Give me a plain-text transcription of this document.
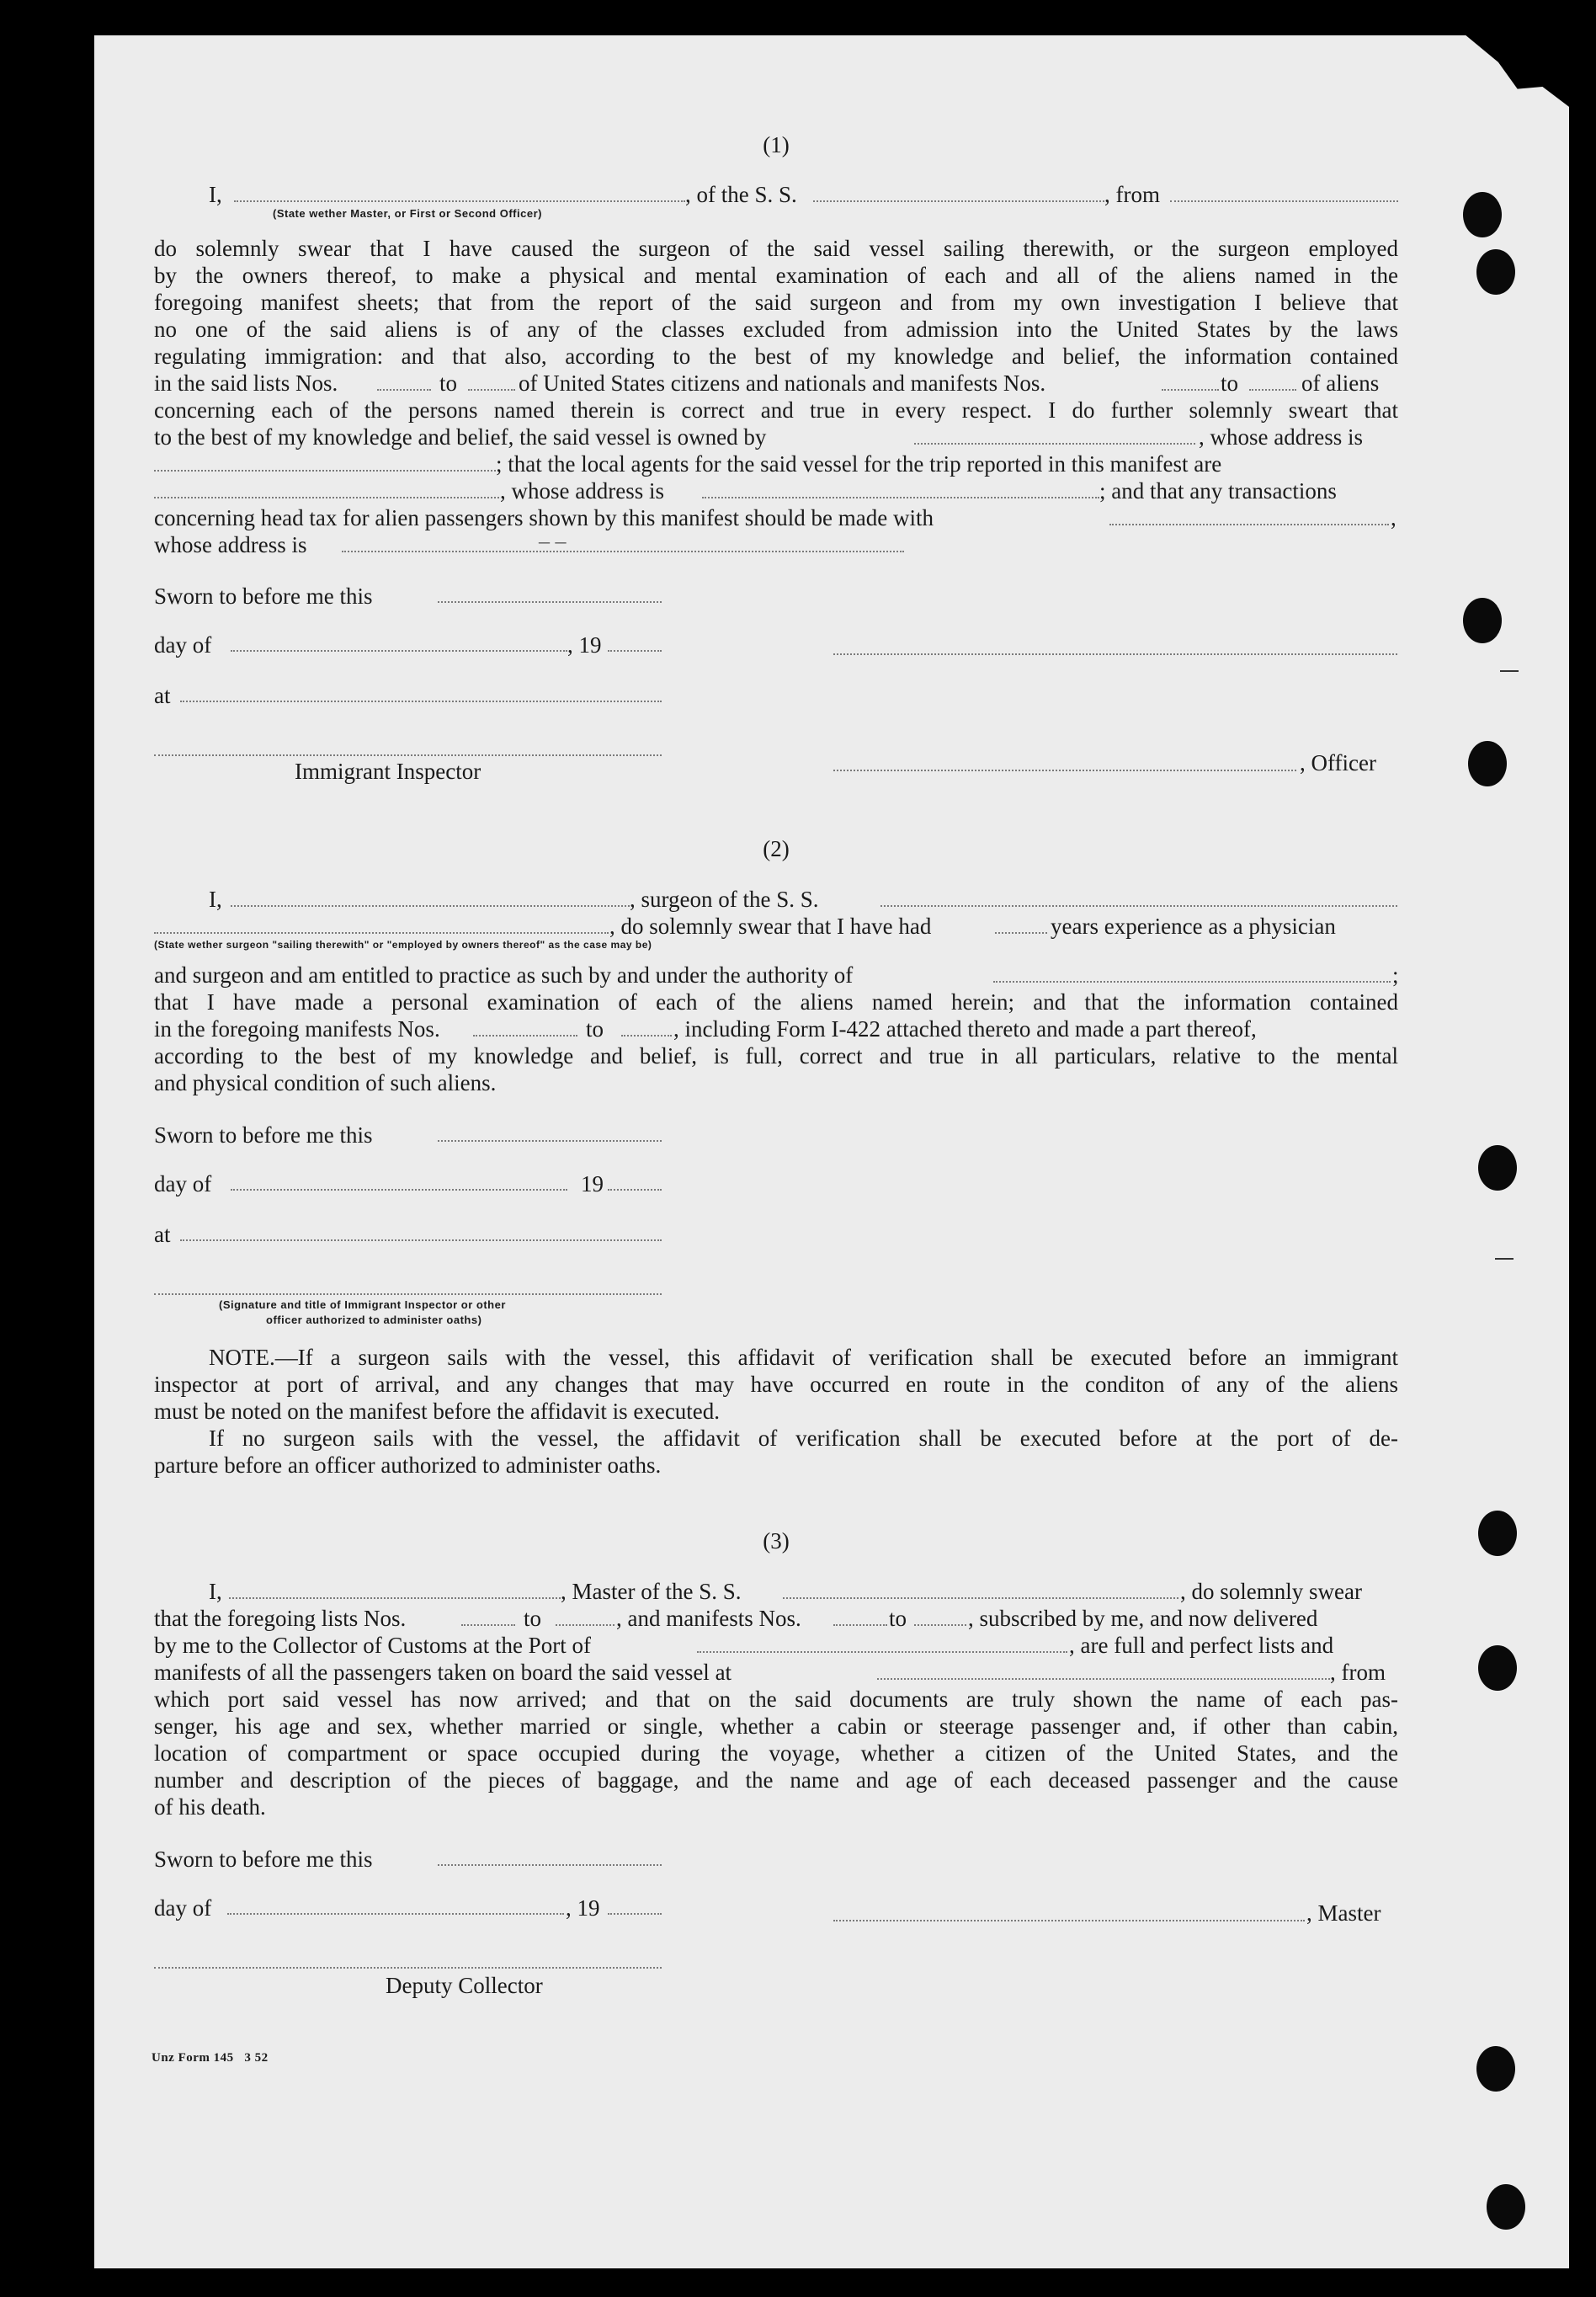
(1)
I,	, of the S. S.	, from
(State wether Master, or First or Second Officer)
do solemnly swear that I have caused the surgeon of the said vessel sailing therewith, or the surgeon employed
by the owners thereof, to make a physical and mental examination of each and all of the aliens named in the
foregoing manifest sheets; that from the report of the said surgeon and from my own investigation I believe that
no one of the said aliens is of any of the classes excluded from admission into the United States by the laws
regulating immigration: and that also, according to the best of my knowledge and belief, the information contained
in the said lists Nos.	to	of United States citizens and nationals and manifests Nos.	to	of aliens
concerning each of the persons named therein is correct and true in every respect. I do further solemnly sweart that
to the best of my knowledge and belief, the said vessel is owned by	, whose address is
; that the local agents for the said vessel for the trip reported in this manifest are
, whose address is	; and that any transactions
concerning head tax for alien passengers shown by this manifest should be made with	,
whose address is	– –
Sworn to before me this
day of	, 19
at
Immigrant Inspector	, Officer
(2)
I,	, surgeon of the S. S.
, do solemnly swear that I have had	years experience as a physician
(State wether surgeon "sailing therewith" or "employed by owners thereof" as the case may be)
and surgeon and am entitled to practice as such by and under the authority of	;
that I have made a personal examination of each of the aliens named herein; and that the information contained
in the foregoing manifests Nos.	to	, including Form I-422 attached thereto and made a part thereof,
according to the best of my knowledge and belief, is full, correct and true in all particulars, relative to the mental
and physical condition of such aliens.
Sworn to before me this
day of	19
at
(Signature and title of Immigrant Inspector or other
officer authorized to administer oaths)
NOTE.—If a surgeon sails with the vessel, this affidavit of verification shall be executed before an immigrant
inspector at port of arrival, and any changes that may have occurred en route in the conditon of any of the aliens
must be noted on the manifest before the affidavit is executed.
If no surgeon sails with the vessel, the affidavit of verification shall be executed before at the port of de-
parture before an officer authorized to administer oaths.
(3)
I,	, Master of the S. S.	, do solemnly swear
that the foregoing lists Nos.	to	, and manifests Nos.	to	, subscribed by me, and now delivered
by me to the Collector of Customs at the Port of	, are full and perfect lists and
manifests of all the passengers taken on board the said vessel at	, from
which port said vessel has now arrived; and that on the said documents are truly shown the name of each pas-
senger, his age and sex, whether married or single, whether a cabin or steerage passenger and, if other than cabin,
location of compartment or space occupied during the voyage, whether a citizen of the United States, and the
number and description of the pieces of baggage, and the name and age of each deceased passenger and the cause
of his death.
Sworn to before me this
day of	, 19	, Master
Deputy Collector
Unz Form 145   3 52
